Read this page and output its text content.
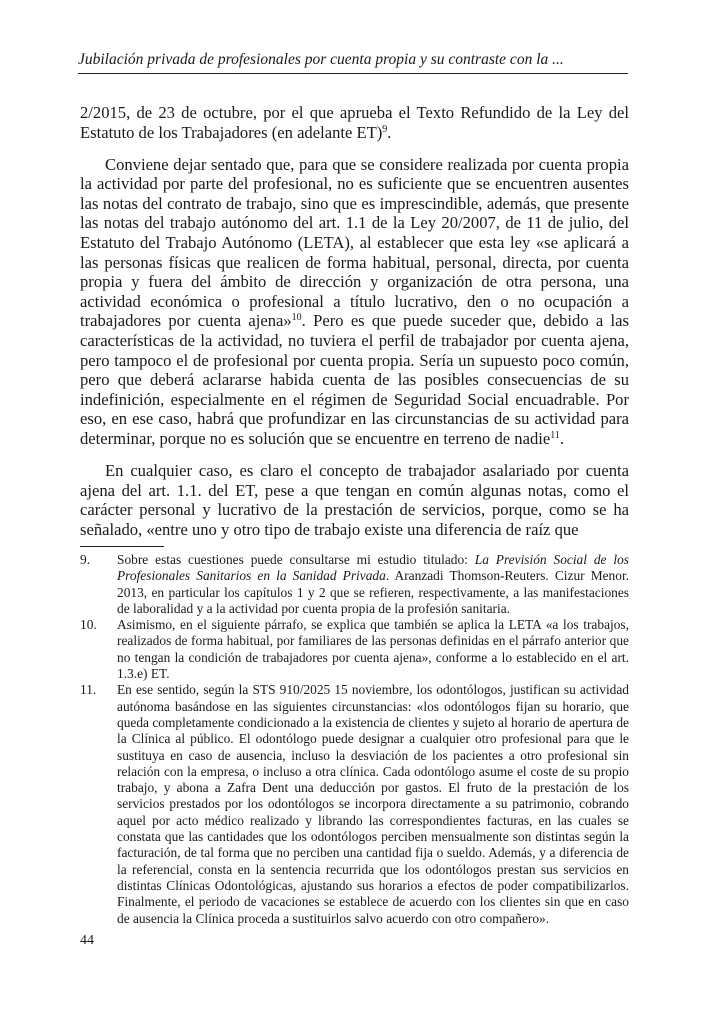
Jubilación privada de profesionales por cuenta propia y su contraste con la ...

2/2015, de 23 de octubre, por el que aprueba el Texto Refundido de la Ley del Estatuto de los Trabajadores (en adelante ET)$^9$.

Conviene dejar sentado que, para que se considere realizada por cuenta propia la actividad por parte del profesional, no es suficiente que se encuentren ausentes las notas del contrato de trabajo, sino que es imprescindible, además, que presente las notas del trabajo autónomo del art. 1.1 de la Ley 20/2007, de 11 de julio, del Estatuto del Trabajo Autónomo (LETA), al establecer que esta ley «se aplicará a las personas físicas que realicen de forma habitual, personal, directa, por cuenta propia y fuera del ámbito de dirección y organización de otra persona, una actividad económica o profesional a título lucrativo, den o no ocupación a trabajadores por cuenta ajena»$^{10}$. Pero es que puede suceder que, debido a las características de la actividad, no tuviera el perfil de trabajador por cuenta ajena, pero tampoco el de profesional por cuenta propia. Sería un supuesto poco común, pero que deberá aclararse habida cuenta de las posibles consecuencias de su indefinición, especialmente en el régimen de Seguridad Social encuadrable. Por eso, en ese caso, habrá que profundizar en las circunstancias de su actividad para determinar, porque no es solución que se encuentre en terreno de nadie$^{11}$.

En cualquier caso, es claro el concepto de trabajador asalariado por cuenta ajena del art. 1.1. del ET, pese a que tengan en común algunas notas, como el carácter personal y lucrativo de la prestación de servicios, porque, como se ha señalado, «entre uno y otro tipo de trabajo existe una diferencia de raíz que

9.	Sobre estas cuestiones puede consultarse mi estudio titulado: La Previsión Social de los Profesionales Sanitarios en la Sanidad Privada. Aranzadi Thomson-Reuters. Cizur Menor. 2013, en particular los capítulos 1 y 2 que se refieren, respectivamente, a las manifestaciones de laboralidad y a la actividad por cuenta propia de la profesión sanitaria.
10.	Asimismo, en el siguiente párrafo, se explica que también se aplica la LETA «a los trabajos, realizados de forma habitual, por familiares de las personas definidas en el párrafo anterior que no tengan la condición de trabajadores por cuenta ajena», conforme a lo establecido en el art. 1.3.e) ET.
11.	En ese sentido, según la STS 910/2025 15 noviembre, los odontólogos, justifican su actividad autónoma basándose en las siguientes circunstancias: «los odontólogos fijan su horario, que queda completamente condicionado a la existencia de clientes y sujeto al horario de apertura de la Clínica al público. El odontólogo puede designar a cualquier otro profesional para que le sustituya en caso de ausencia, incluso la desviación de los pacientes a otro profesional sin relación con la empresa, o incluso a otra clínica. Cada odontólogo asume el coste de su propio trabajo, y abona a Zafra Dent una deducción por gastos. El fruto de la prestación de los servicios prestados por los odontólogos se incorpora directamente a su patrimonio, cobrando aquel por acto médico realizado y librando las correspondientes facturas, en las cuales se constata que las cantidades que los odontólogos perciben mensualmente son distintas según la facturación, de tal forma que no perciben una cantidad fija o sueldo. Además, y a diferencia de la referencial, consta en la sentencia recurrida que los odontólogos prestan sus servicios en distintas Clínicas Odontológicas, ajustando sus horarios a efectos de poder compatibilizarlos. Finalmente, el periodo de vacaciones se establece de acuerdo con los clientes sin que en caso de ausencia la Clínica proceda a sustituirlos salvo acuerdo con otro compañero».
44
